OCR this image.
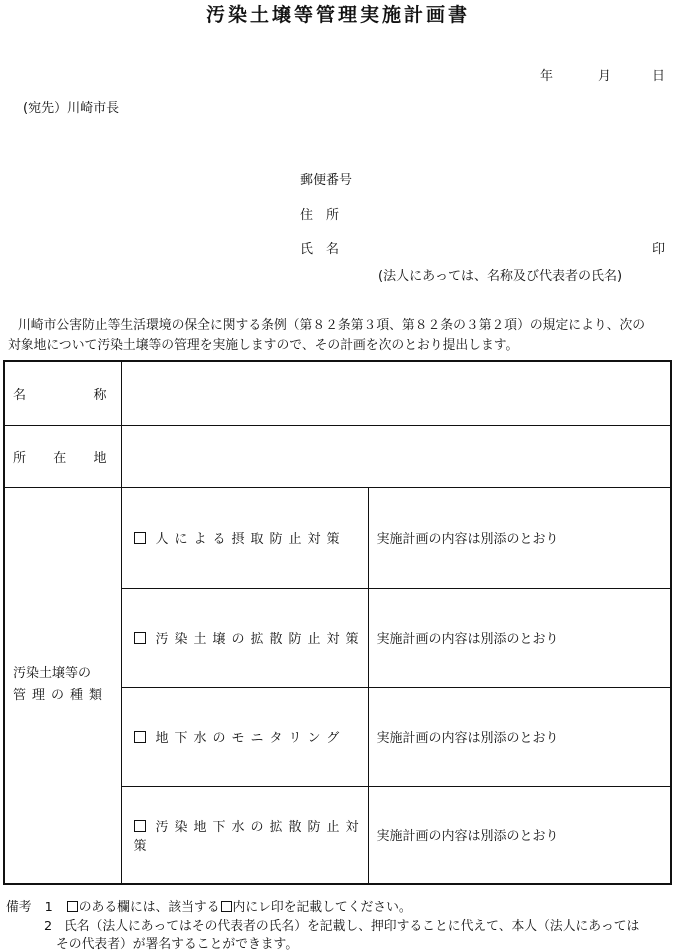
汚染土壌等管理実施計画書
年	月	日
(宛先）川崎市長
郵便番号
住　所
氏　名	印
(法人にあっては、名称及び代表者の氏名)
川崎市公害防止等生活環境の保全に関する条例（第８２条第３項、第８２条の３第２項）の規定により、次の
対象地について汚染土壌等の管理を実施しますので、その計画を次のとおり提出します。
名 称		

所 在 地		

汚染土壌等の
管理の種類	人による摂取防止対策	実施計画の内容は別添のとおり
	汚染土壌の拡散防止対策	実施計画の内容は別添のとおり
	地下水のモニタリング	実施計画の内容は別添のとおり
	汚染地下水の拡散防止対策	実施計画の内容は別添のとおり
備考 1 のある欄には、該当する 内にレ印を記載してください。
2 氏名（法人にあってはその代表者の氏名）を記載し、押印することに代えて、本人（法人にあっては
その代表者）が署名することができます。
